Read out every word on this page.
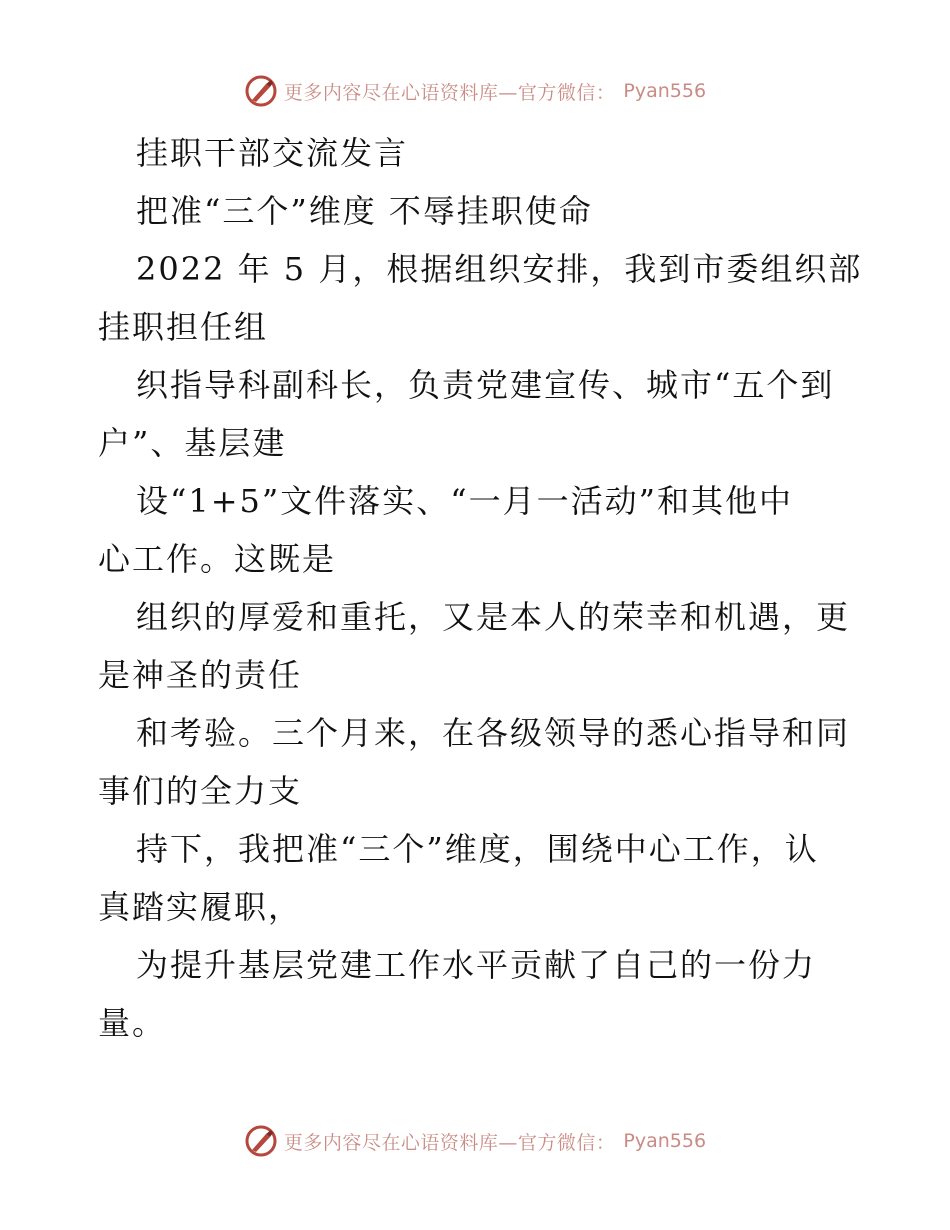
更多内容尽在心语资料库—官方微信： Pyan556
挂职干部交流发言
把准“三个”维度 不辱挂职使命
2022 年 5 月，根据组织安排，我到市委组织部
挂职担任组
织指导科副科长，负责党建宣传、城市“五个到
户”、基层建
设“1+5”文件落实、“一月一活动”和其他中
心工作。这既是
组织的厚爱和重托，又是本人的荣幸和机遇，更
是神圣的责任
和考验。三个月来，在各级领导的悉心指导和同
事们的全力支
持下，我把准“三个”维度，围绕中心工作，认
真踏实履职，
为提升基层党建工作水平贡献了自己的一份力
量。
更多内容尽在心语资料库—官方微信： Pyan556
